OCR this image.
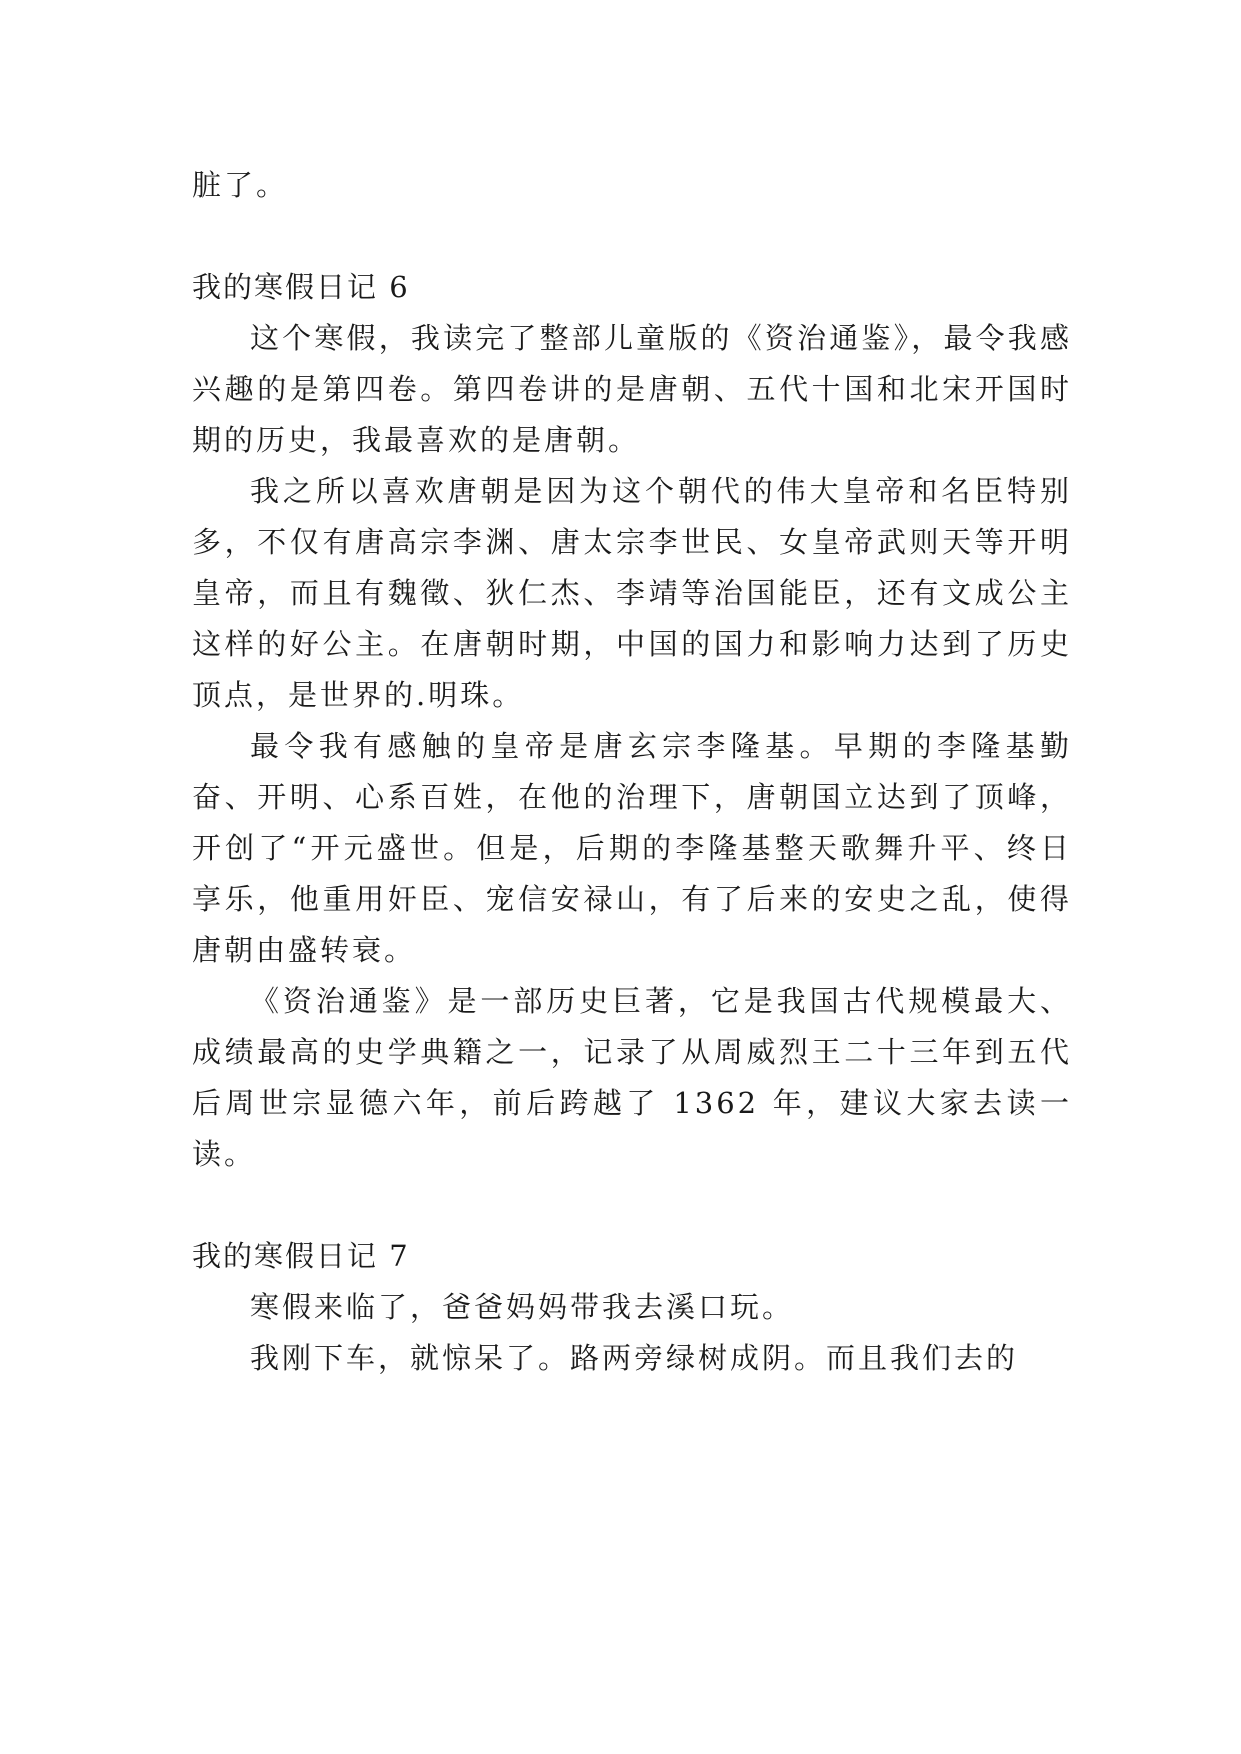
脏了。

我的寒假日记 6

这个寒假，我读完了整部儿童版的《资治通鉴》，最令我感兴趣的是第四卷。第四卷讲的是唐朝、五代十国和北宋开国时期的历史，我最喜欢的是唐朝。

我之所以喜欢唐朝是因为这个朝代的伟大皇帝和名臣特别多，不仅有唐高宗李渊、唐太宗李世民、女皇帝武则天等开明皇帝，而且有魏徵、狄仁杰、李靖等治国能臣，还有文成公主这样的好公主。在唐朝时期，中国的国力和影响力达到了历史顶点，是世界的.明珠。

最令我有感触的皇帝是唐玄宗李隆基。早期的李隆基勤奋、开明、心系百姓，在他的治理下，唐朝国立达到了顶峰，开创了“开元盛世。但是，后期的李隆基整天歌舞升平、终日享乐，他重用奸臣、宠信安禄山，有了后来的安史之乱，使得唐朝由盛转衰。

《资治通鉴》是一部历史巨著，它是我国古代规模最大、成绩最高的史学典籍之一，记录了从周威烈王二十三年到五代后周世宗显德六年，前后跨越了 1362 年，建议大家去读一读。

我的寒假日记 7

寒假来临了，爸爸妈妈带我去溪口玩。

我刚下车，就惊呆了。路两旁绿树成阴。而且我们去的
